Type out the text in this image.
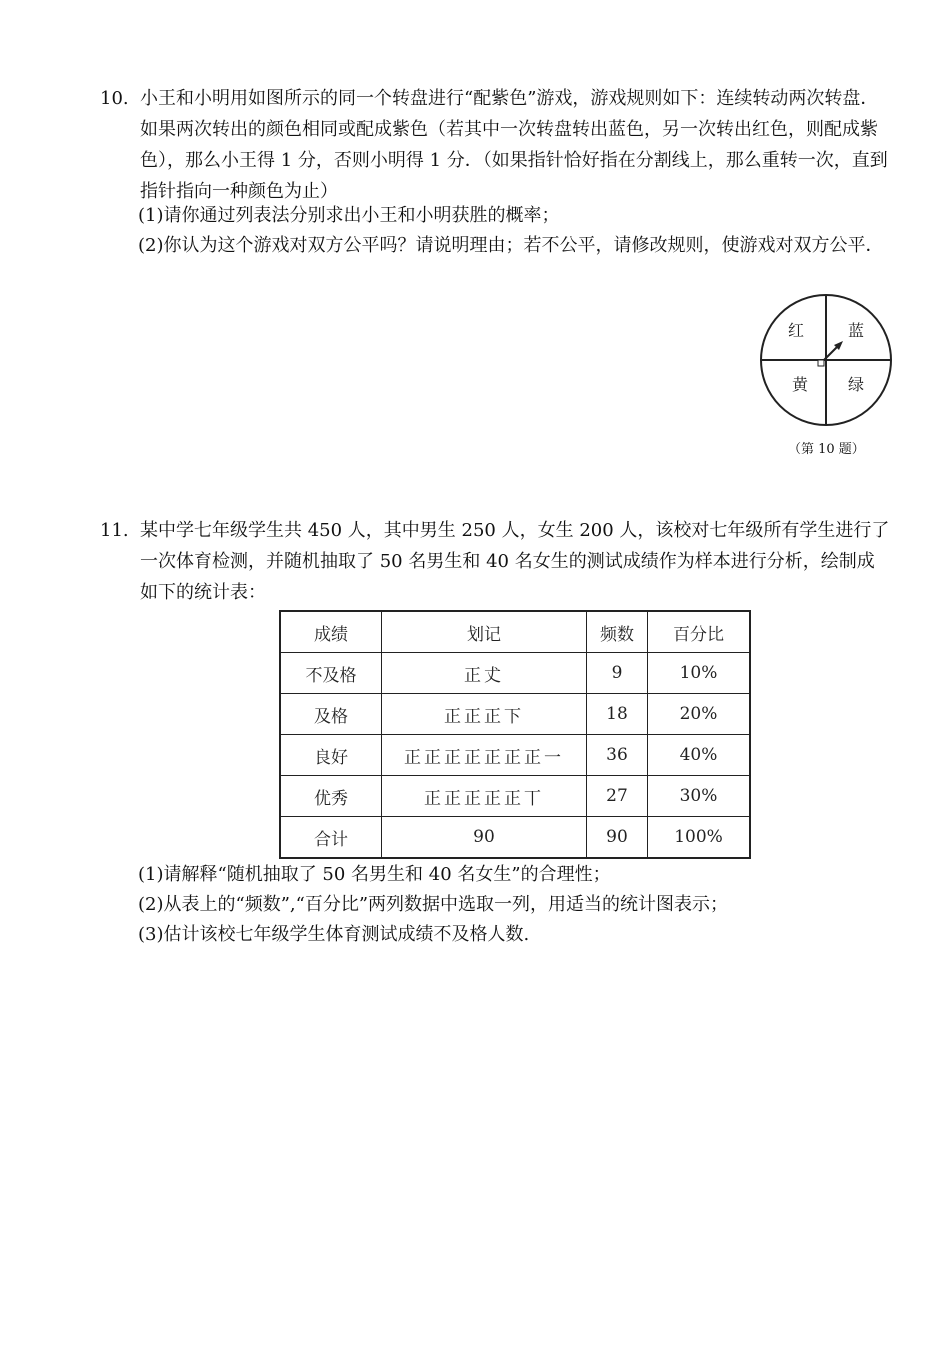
10. 小王和小明用如图所示的同一个转盘进行“配紫色”游戏，游戏规则如下：连续转动两次转盘．如果两次转出的颜色相同或配成紫色（若其中一次转盘转出蓝色，另一次转出红色，则配成紫色），那么小王得 1 分，否则小明得 1 分．（如果指针恰好指在分割线上，那么重转一次，直到指针指向一种颜色为止）

(1)请你通过列表法分别求出小王和小明获胜的概率；
(2)你认为这个游戏对双方公平吗？请说明理由；若不公平，请修改规则，使游戏对双方公平．
红	蓝
黄 绿
（第 10 题）

11. 某中学七年级学生共 450 人，其中男生 250 人，女生 200 人，该校对七年级所有学生进行了一次体育检测，并随机抽取了 50 名男生和 40 名女生的测试成绩作为样本进行分析，绘制成如下的统计表：

成绩	划记	频数	百分比
不及格	正𠀋	9	10%
及格	正正正下	18	20%
良好	正正正正正正正一	36	40%
优秀	正正正正正丅	27	30%
合计	90	90	100%
(1)请解释“随机抽取了 50 名男生和 40 名女生”的合理性；
(2)从表上的“频数”,“百分比”两列数据中选取一列，用适当的统计图表示；
(3)估计该校七年级学生体育测试成绩不及格人数.
